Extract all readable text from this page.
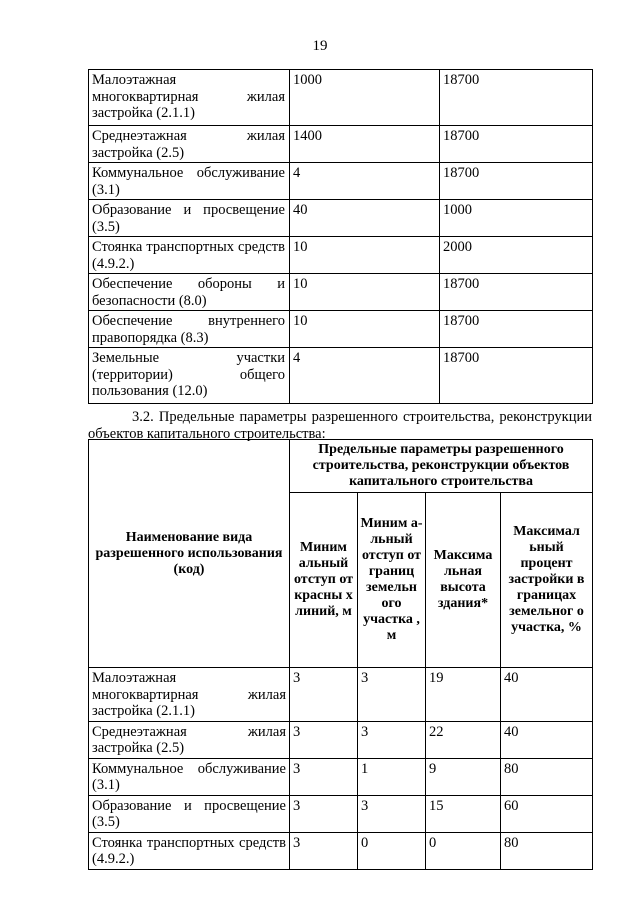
19
Малоэтажная многоквартирная жилая застройка (2.1.1)	1000	18700
Среднеэтажная жилая застройка (2.5)	1400	18700
Коммунальное обслуживание (3.1)	4	18700
Образование и просвещение (3.5)	40	1000
Стоянка транспортных средств (4.9.2.)	10	2000
Обеспечение обороны и безопасности (8.0)	10	18700
Обеспечение внутреннего правопорядка (8.3)	10	18700
Земельные участки (территории) общего пользования (12.0)	4	18700
3.2. Предельные параметры разрешенного строительства, реконструкции объектов капитального строительства:
Наименование вида разрешенного использования (код)	Предельные параметры разрешенного строительства, реконструкции объектов капитального строительства			
	Миним альный отступ от красны х линий, м	Миним а- льный отступ от границ земельн ого участка , м	Максима льная высота здания*	Максимал ьный процент застройки в границах земельног о участка, %
Малоэтажная многоквартирная жилая застройка (2.1.1)	3	3	19	40
Среднеэтажная жилая застройка (2.5)	3	3	22	40
Коммунальное обслуживание (3.1)	3	1	9	80
Образование и просвещение (3.5)	3	3	15	60
Стоянка транспортных средств (4.9.2.)	3	0	0	80
